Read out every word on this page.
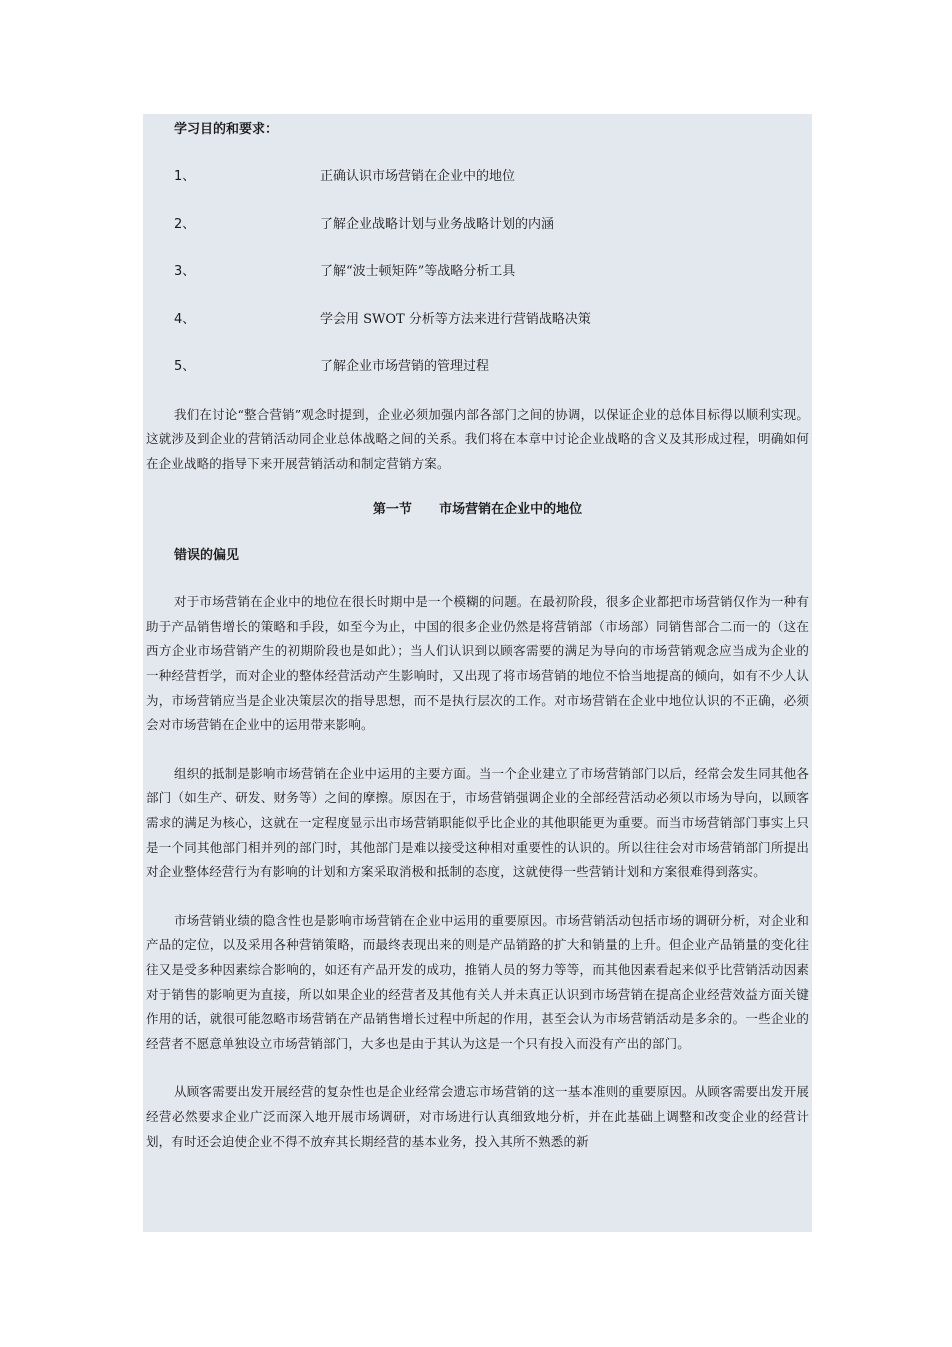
学习目的和要求：

1、	正确认识市场营销在企业中的地位
2、	了解企业战略计划与业务战略计划的内涵
3、	了解“波士顿矩阵”等战略分析工具
4、	学会用 SWOT 分析等方法来进行营销战略决策
5、	了解企业市场营销的管理过程

我们在讨论“整合营销”观念时提到，企业必须加强内部各部门之间的协调，以保证企业的总体目标得以顺利实现。这就涉及到企业的营销活动同企业总体战略之间的关系。我们将在本章中讨论企业战略的含义及其形成过程，明确如何在企业战略的指导下来开展营销活动和制定营销方案。

第一节      市场营销在企业中的地位

错误的偏见

对于市场营销在企业中的地位在很长时期中是一个模糊的问题。在最初阶段，很多企业都把市场营销仅作为一种有助于产品销售增长的策略和手段，如至今为止，中国的很多企业仍然是将营销部（市场部）同销售部合二而一的（这在西方企业市场营销产生的初期阶段也是如此）；当人们认识到以顾客需要的满足为导向的市场营销观念应当成为企业的一种经营哲学，而对企业的整体经营活动产生影响时，又出现了将市场营销的地位不恰当地提高的倾向，如有不少人认为，市场营销应当是企业决策层次的指导思想，而不是执行层次的工作。对市场营销在企业中地位认识的不正确，必须会对市场营销在企业中的运用带来影响。

组织的抵制是影响市场营销在企业中运用的主要方面。当一个企业建立了市场营销部门以后，经常会发生同其他各部门（如生产、研发、财务等）之间的摩擦。原因在于，市场营销强调企业的全部经营活动必须以市场为导向，以顾客需求的满足为核心，这就在一定程度显示出市场营销职能似乎比企业的其他职能更为重要。而当市场营销部门事实上只是一个同其他部门相并列的部门时，其他部门是难以接受这种相对重要性的认识的。所以往往会对市场营销部门所提出对企业整体经营行为有影响的计划和方案采取消极和抵制的态度，这就使得一些营销计划和方案很难得到落实。

市场营销业绩的隐含性也是影响市场营销在企业中运用的重要原因。市场营销活动包括市场的调研分析，对企业和产品的定位，以及采用各种营销策略，而最终表现出来的则是产品销路的扩大和销量的上升。但企业产品销量的变化往往又是受多种因素综合影响的，如还有产品开发的成功，推销人员的努力等等，而其他因素看起来似乎比营销活动因素对于销售的影响更为直接，所以如果企业的经营者及其他有关人并未真正认识到市场营销在提高企业经营效益方面关键作用的话，就很可能忽略市场营销在产品销售增长过程中所起的作用，甚至会认为市场营销活动是多余的。一些企业的经营者不愿意单独设立市场营销部门，大多也是由于其认为这是一个只有投入而没有产出的部门。

从顾客需要出发开展经营的复杂性也是企业经常会遗忘市场营销的这一基本准则的重要原因。从顾客需要出发开展经营必然要求企业广泛而深入地开展市场调研，对市场进行认真细致地分析，并在此基础上调整和改变企业的经营计划，有时还会迫使企业不得不放弃其长期经营的基本业务，投入其所不熟悉的新
